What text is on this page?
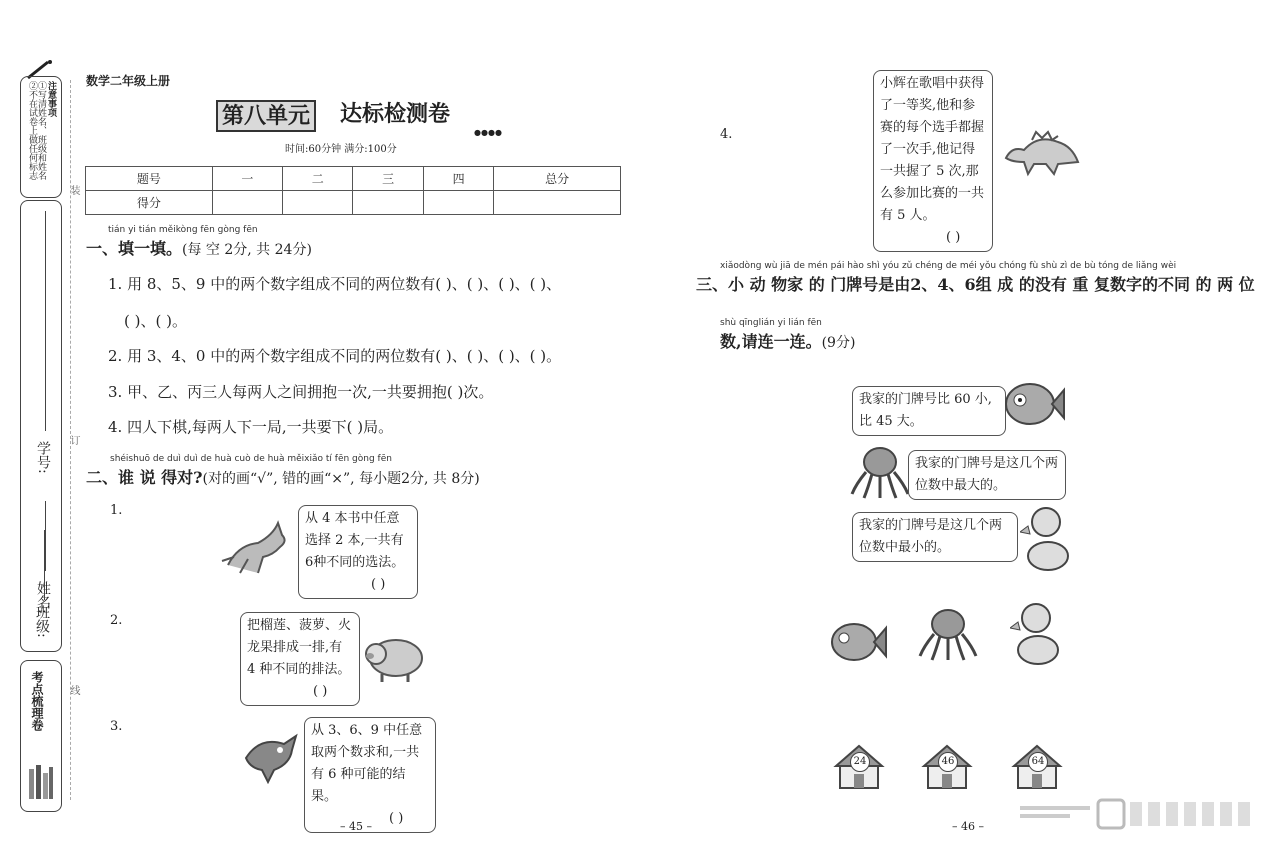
注意事项
①写清姓名、班级和姓名
②不在试卷上做任何标志
学号:
姓名:
班级:
考点梳理卷
装
订
线
数学二年级上册
第八单元 达标检测卷
●●●●
时间:60分钟 满分:100分
题号	一	二	三	四	总分
得分					
tián yi tián měikòng fēn gòng fēn
一、填一填。(每 空 2分, 共 24分)
1. 用 8、5、9 中的两个数字组成不同的两位数有( )、( )、( )、( )、
( )、( )。
2. 用 3、4、0 中的两个数字组成不同的两位数有( )、( )、( )、( )。
3. 甲、乙、丙三人每两人之间拥抱一次,一共要拥抱( )次。
4. 四人下棋,每两人下一局,一共要下( )局。
shéishuō de duì duì de huà cuò de huà měixiǎo tí fēn gòng fēn
二、谁 说 得对?(对的画“√”, 错的画“×”, 每小题2分, 共 8分)
1.
从 4 本书中任意选择 2 本,一共有 6种不同的选法。
( )
2.	把榴莲、菠萝、火龙果排成一排,有 4 种不同的排法。
( )
3.	从 3、6、9 中任意取两个数求和,一共有 6 种可能的结果。
( )
– 45 –
4.
小辉在歌唱中获得了一等奖,他和参赛的每个选手都握了一次手,他记得一共握了 5 次,那么参加比赛的一共有 5 人。
( )
xiǎodòng wù jiā de mén pái hào shì yóu zǔ chéng de méi yǒu chóng fù shù zì de bù tóng de liǎng wèi
三、小 动 物家 的 门牌号是由2、4、6组 成 的没有 重 复数字的不同 的 两 位
shù qīnglián yi lián fēn
数,请连一连。(9分)
我家的门牌号比 60 小,比 45 大。
我家的门牌号是这几个两位数中最大的。
我家的门牌号是这几个两位数中最小的。
24	46	64
– 46 –
